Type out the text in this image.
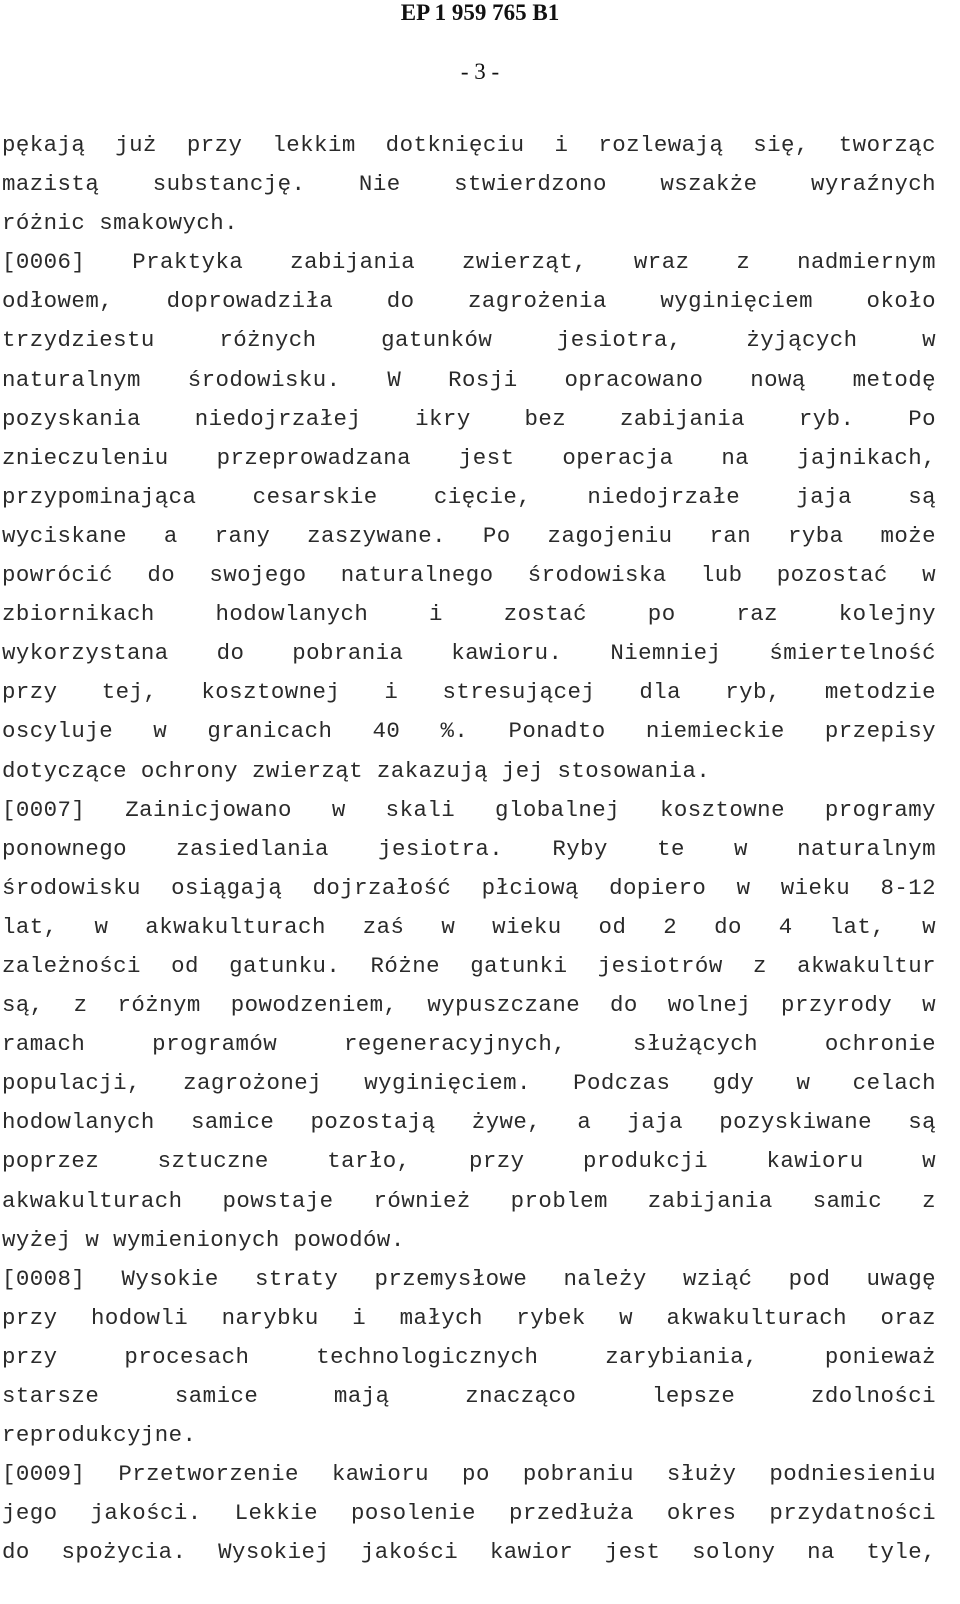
EP 1 959 765 B1
- 3 -
pękają już przy lekkim dotknięciu i rozlewają się, tworząc
mazistą substancję. Nie stwierdzono wszakże wyraźnych
różnic smakowych.
[0006] Praktyka zabijania zwierząt, wraz z nadmiernym
odłowem, doprowadziła do zagrożenia wyginięciem około
trzydziestu różnych gatunków jesiotra, żyjących w
naturalnym środowisku. W Rosji opracowano nową metodę
pozyskania niedojrzałej ikry bez zabijania ryb. Po
znieczuleniu przeprowadzana jest operacja na jajnikach,
przypominająca cesarskie cięcie, niedojrzałe jaja są
wyciskane a rany zaszywane. Po zagojeniu ran ryba może
powrócić do swojego naturalnego środowiska lub pozostać w
zbiornikach hodowlanych i zostać po raz kolejny
wykorzystana do pobrania kawioru. Niemniej śmiertelność
przy tej, kosztownej i stresującej dla ryb, metodzie
oscyluje w granicach 40 %. Ponadto niemieckie przepisy
dotyczące ochrony zwierząt zakazują jej stosowania.
[0007] Zainicjowano w skali globalnej kosztowne programy
ponownego zasiedlania jesiotra. Ryby te w naturalnym
środowisku osiągają dojrzałość płciową dopiero w wieku 8-12
lat, w akwakulturach zaś w wieku od 2 do 4 lat, w
zależności od gatunku. Różne gatunki jesiotrów z akwakultur
są, z różnym powodzeniem, wypuszczane do wolnej przyrody w
ramach programów regeneracyjnych, służących ochronie
populacji, zagrożonej wyginięciem. Podczas gdy w celach
hodowlanych samice pozostają żywe, a jaja pozyskiwane są
poprzez sztuczne tarło, przy produkcji kawioru w
akwakulturach powstaje również problem zabijania samic z
wyżej w wymienionych powodów.
[0008] Wysokie straty przemysłowe należy wziąć pod uwagę
przy hodowli narybku i małych rybek w akwakulturach oraz
przy procesach technologicznych zarybiania, ponieważ
starsze samice mają znacząco lepsze zdolności
reprodukcyjne.
[0009] Przetworzenie kawioru po pobraniu służy podniesieniu
jego jakości. Lekkie posolenie przedłuża okres przydatności
do spożycia. Wysokiej jakości kawior jest solony na tyle,
